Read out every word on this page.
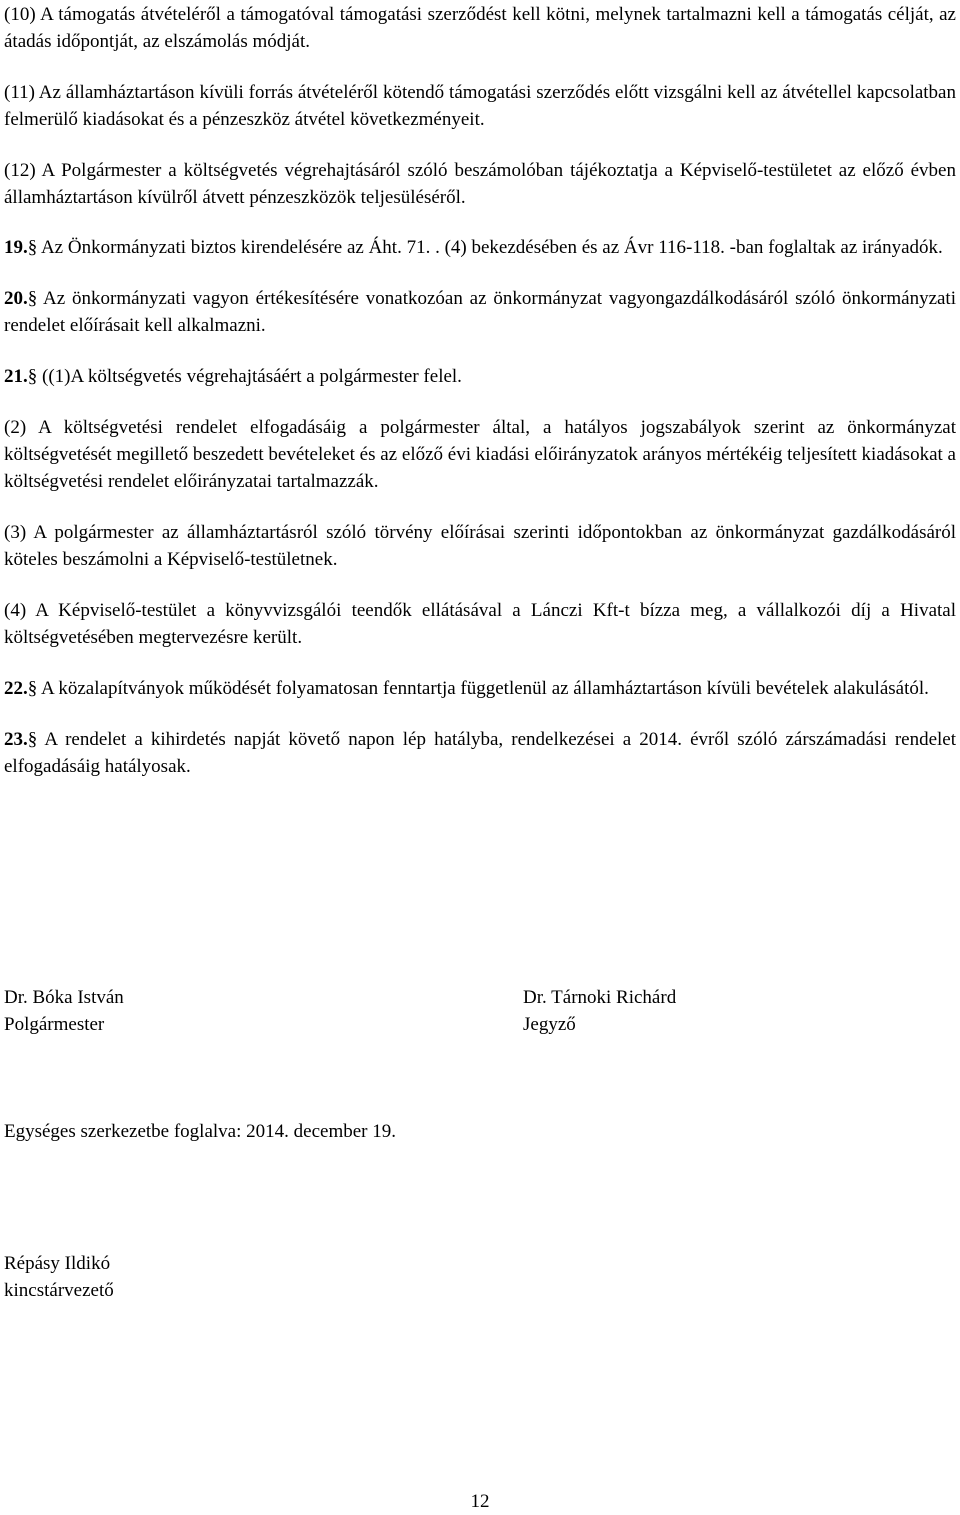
(10) A támogatás átvételéről a támogatóval támogatási szerződést kell kötni, melynek tartalmazni kell a támogatás célját, az átadás időpontját, az elszámolás módját.

(11) Az államháztartáson kívüli forrás átvételéről kötendő támogatási szerződés előtt vizsgálni kell az átvétellel kapcsolatban felmerülő kiadásokat és a pénzeszköz átvétel következményeit.

(12) A Polgármester a költségvetés végrehajtásáról szóló beszámolóban tájékoztatja a Képviselő-testületet az előző évben államháztartáson kívülről átvett pénzeszközök teljesüléséről.

19.§ Az Önkormányzati biztos kirendelésére az Áht. 71. . (4) bekezdésében és az Ávr 116-118. -ban foglaltak az irányadók.

20.§ Az önkormányzati vagyon értékesítésére vonatkozóan az önkormányzat vagyongazdálkodásáról szóló önkormányzati rendelet előírásait kell alkalmazni.

21.§ ((1)A költségvetés végrehajtásáért a polgármester felel.

(2) A költségvetési rendelet elfogadásáig a polgármester által, a hatályos jogszabályok szerint az önkormányzat költségvetését megillető beszedett bevételeket és az előző évi kiadási előirányzatok arányos mértékéig teljesített kiadásokat a költségvetési rendelet előirányzatai tartalmazzák.

(3) A polgármester az államháztartásról szóló törvény előírásai szerinti időpontokban az önkormányzat gazdálkodásáról köteles beszámolni a Képviselő-testületnek.

(4) A Képviselő-testület a könyvvizsgálói teendők ellátásával a Lánczi Kft-t bízza meg, a vállalkozói díj a Hivatal költségvetésében megtervezésre került.

22.§ A közalapítványok működését folyamatosan fenntartja függetlenül az államháztartáson kívüli bevételek alakulásától.

23.§ A rendelet a kihirdetés napját követő napon lép hatályba, rendelkezései a 2014. évről szóló zárszámadási rendelet elfogadásáig hatályosak.

Dr. Bóka István
Polgármester
Dr. Tárnoki Richárd
Jegyző
Egységes szerkezetbe foglalva: 2014. december 19.
Répásy Ildikó
kincstárvezető
12
